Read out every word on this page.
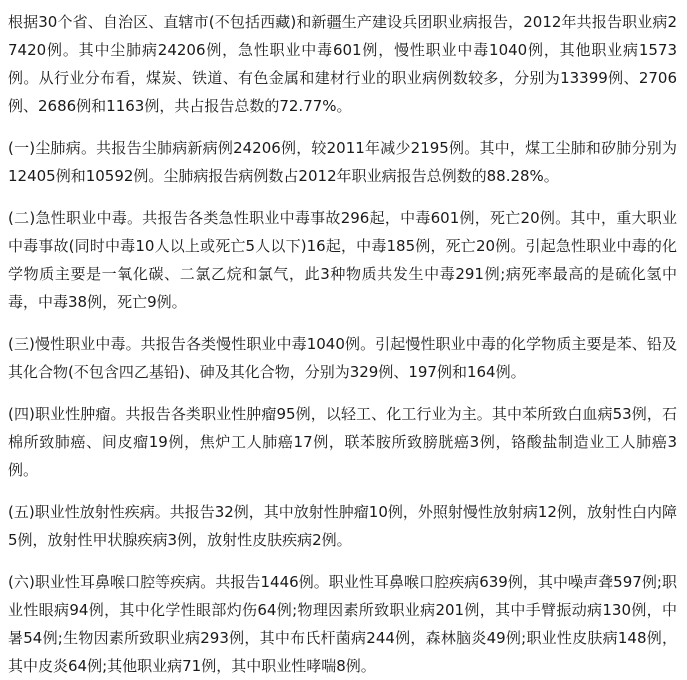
根据30个省、自治区、直辖市(不包括西藏)和新疆生产建设兵团职业病报告，2012年共报告职业病27420例。其中尘肺病24206例，急性职业中毒601例，慢性职业中毒1040例，其他职业病1573例。从行业分布看，煤炭、铁道、有色金属和建材行业的职业病例数较多，分别为13399例、2706例、2686例和1163例，共占报告总数的72.77%。

(一)尘肺病。共报告尘肺病新病例24206例，较2011年减少2195例。其中，煤工尘肺和矽肺分别为12405例和10592例。尘肺病报告病例数占2012年职业病报告总例数的88.28%。

(二)急性职业中毒。共报告各类急性职业中毒事故296起，中毒601例，死亡20例。其中，重大职业中毒事故(同时中毒10人以上或死亡5人以下)16起，中毒185例，死亡20例。引起急性职业中毒的化学物质主要是一氧化碳、二氯乙烷和氯气，此3种物质共发生中毒291例;病死率最高的是硫化氢中毒，中毒38例，死亡9例。

(三)慢性职业中毒。共报告各类慢性职业中毒1040例。引起慢性职业中毒的化学物质主要是苯、铅及其化合物(不包含四乙基铅)、砷及其化合物，分别为329例、197例和164例。

(四)职业性肿瘤。共报告各类职业性肿瘤95例，以轻工、化工行业为主。其中苯所致白血病53例，石棉所致肺癌、间皮瘤19例，焦炉工人肺癌17例，联苯胺所致膀胱癌3例，铬酸盐制造业工人肺癌3例。

(五)职业性放射性疾病。共报告32例，其中放射性肿瘤10例，外照射慢性放射病12例，放射性白内障5例，放射性甲状腺疾病3例，放射性皮肤疾病2例。

(六)职业性耳鼻喉口腔等疾病。共报告1446例。职业性耳鼻喉口腔疾病639例，其中噪声聋597例;职业性眼病94例，其中化学性眼部灼伤64例;物理因素所致职业病201例，其中手臂振动病130例，中暑54例;生物因素所致职业病293例，其中布氏杆菌病244例，森林脑炎49例;职业性皮肤病148例，其中皮炎64例;其他职业病71例，其中职业性哮喘8例。
